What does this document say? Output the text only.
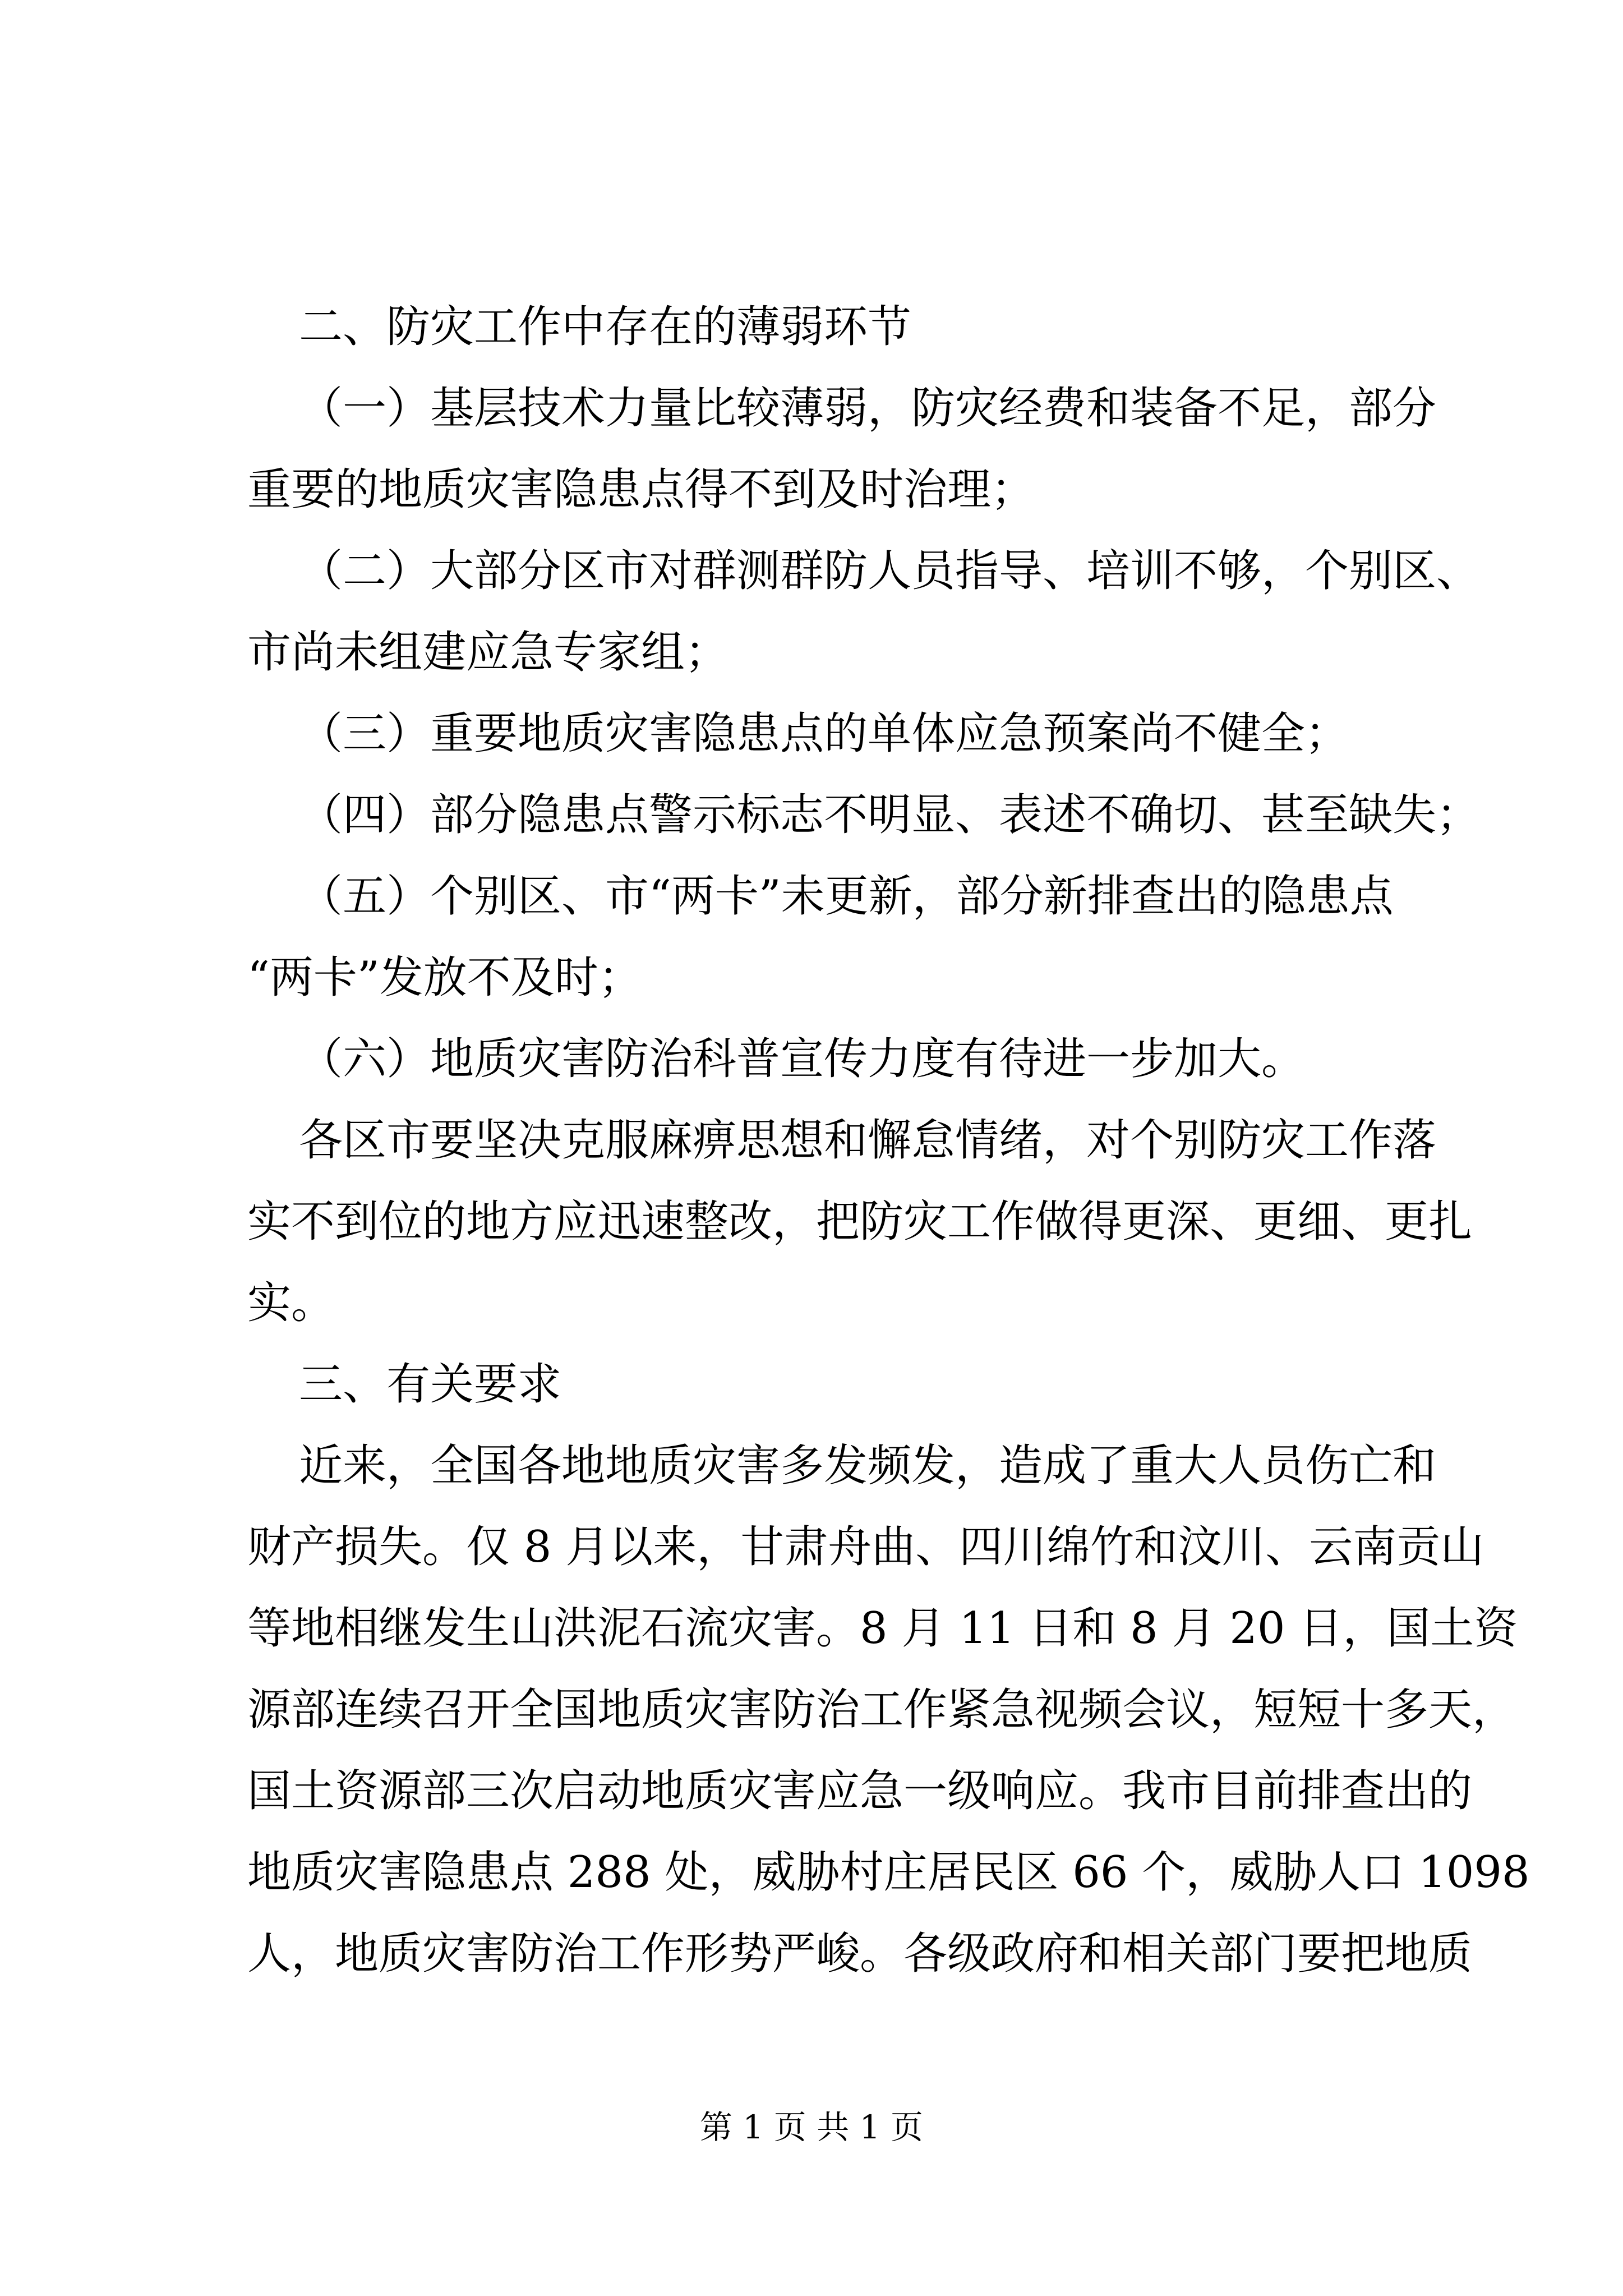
二、防灾工作中存在的薄弱环节
（一）基层技术力量比较薄弱，防灾经费和装备不足，部分
重要的地质灾害隐患点得不到及时治理；
（二）大部分区市对群测群防人员指导、培训不够，个别区、
市尚未组建应急专家组；
（三）重要地质灾害隐患点的单体应急预案尚不健全；
（四）部分隐患点警示标志不明显、表述不确切、甚至缺失；
（五）个别区、市“两卡”未更新，部分新排查出的隐患点
“两卡”发放不及时；
（六）地质灾害防治科普宣传力度有待进一步加大。
各区市要坚决克服麻痹思想和懈怠情绪，对个别防灾工作落
实不到位的地方应迅速整改，把防灾工作做得更深、更细、更扎
实。
三、有关要求
近来，全国各地地质灾害多发频发，造成了重大人员伤亡和
财产损失。仅 8 月以来，甘肃舟曲、四川绵竹和汶川、云南贡山
等地相继发生山洪泥石流灾害。8 月 11 日和 8 月 20 日，国土资
源部连续召开全国地质灾害防治工作紧急视频会议，短短十多天，
国土资源部三次启动地质灾害应急一级响应。我市目前排查出的
地质灾害隐患点 288 处，威胁村庄居民区 66 个，威胁人口 1098
人，地质灾害防治工作形势严峻。各级政府和相关部门要把地质
第 1 页 共 1 页
